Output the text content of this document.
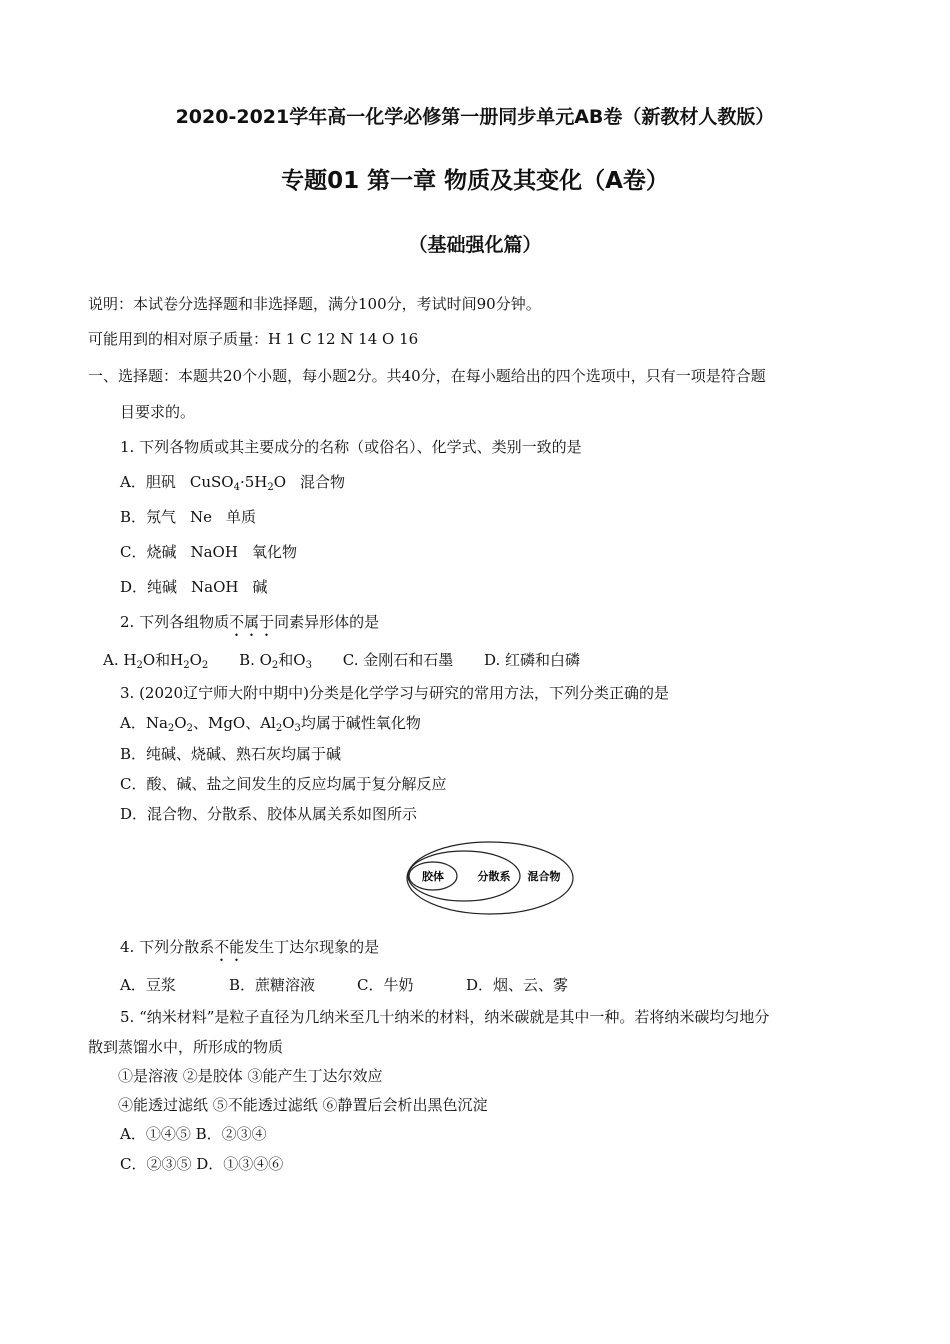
2020-2021学年高一化学必修第一册同步单元AB卷（新教材人教版）
专题01 第一章 物质及其变化（A卷）
（基础强化篇）
说明：本试卷分选择题和非选择题，满分100分，考试时间90分钟。
可能用到的相对原子质量：H 1 C 12 N 14 O 16
一、选择题：本题共20个小题，每小题2分。共40分，在每小题给出的四个选项中，只有一项是符合题
目要求的。
1. 下列各物质或其主要成分的名称（或俗名）、化学式、类别一致的是
A．胆矾 $CuSO_4\cdot 5H_2O$ 混合物
B．氖气 Ne 单质
C．烧碱 NaOH 氧化物
D．纯碱 NaOH 碱
2. 下列各组物质不属于同素异形体的是
A. $H_2O$和$H_2O_2$ B. $O_2$和$O_3$ C. 金刚石和石墨 D. 红磷和白磷
3. (2020辽宁师大附中期中)分类是化学学习与研究的常用方法，下列分类正确的是
A．$Na_2O_2$、MgO、$Al_2O_3$均属于碱性氧化物
B．纯碱、烧碱、熟石灰均属于碱
C．酸、碱、盐之间发生的反应均属于复分解反应
D．混合物、分散系、胶体从属关系如图所示
胶体	分散系 混合物
4. 下列分散系不能发生丁达尔现象的是
A．豆浆	B．蔗糖溶液	C．牛奶	D．烟、云、雾
5. “纳米材料”是粒子直径为几纳米至几十纳米的材料，纳米碳就是其中一种。若将纳米碳均匀地分
散到蒸馏水中，所形成的物质
①是溶液 ②是胶体 ③能产生丁达尔效应
④能透过滤纸 ⑤不能透过滤纸 ⑥静置后会析出黑色沉淀
A．①④⑤ B．②③④
C．②③⑤ D．①③④⑥
